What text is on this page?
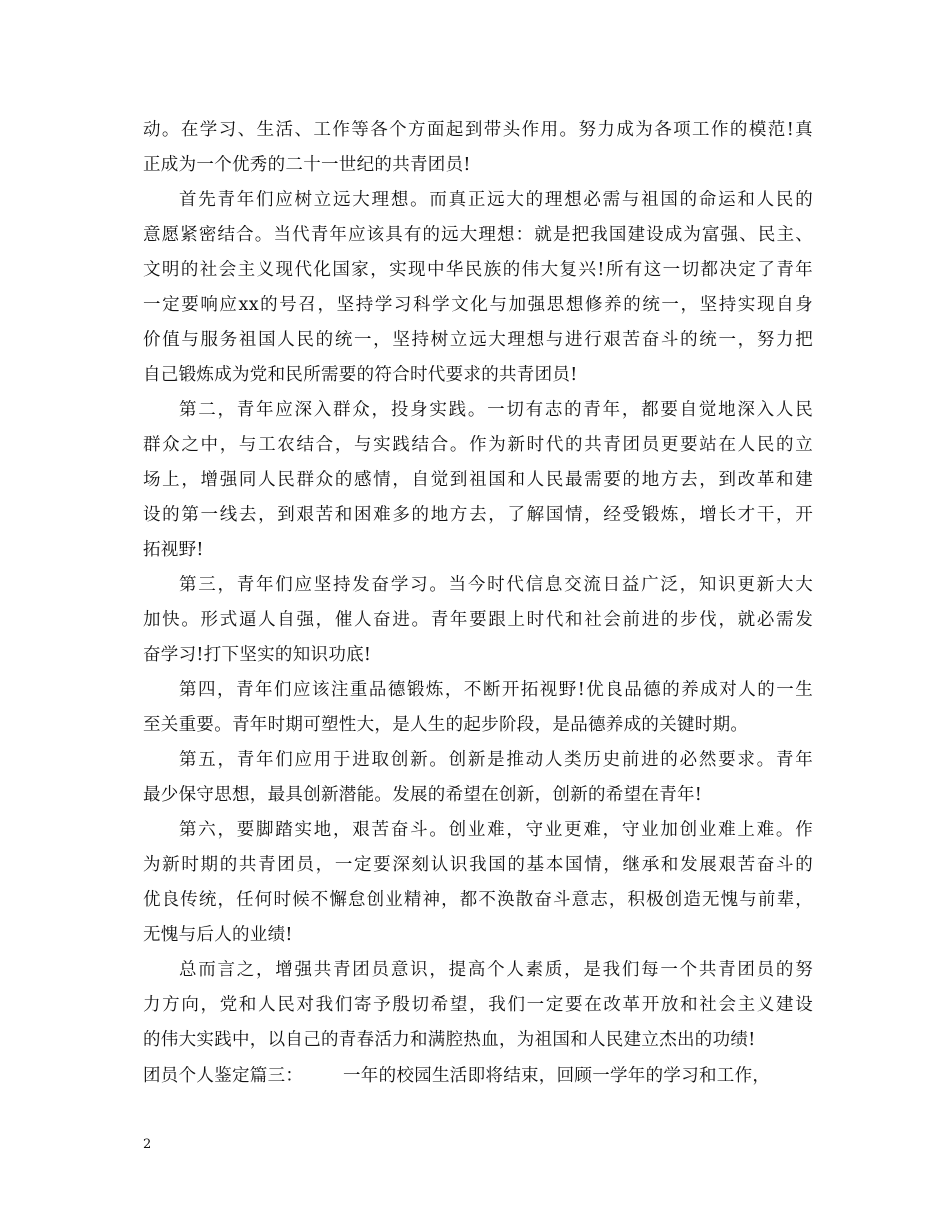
动。在学习、生活、工作等各个方面起到带头作用。努力成为各项工作的模范!真
正成为一个优秀的二十一世纪的共青团员!
首先青年们应树立远大理想。而真正远大的理想必需与祖国的命运和人民的
意愿紧密结合。当代青年应该具有的远大理想：就是把我国建设成为富强、民主、
文明的社会主义现代化国家，实现中华民族的伟大复兴!所有这一切都决定了青年
一定要响应xx的号召，坚持学习科学文化与加强思想修养的统一，坚持实现自身
价值与服务祖国人民的统一，坚持树立远大理想与进行艰苦奋斗的统一，努力把
自己锻炼成为党和民所需要的符合时代要求的共青团员!
第二，青年应深入群众，投身实践。一切有志的青年，都要自觉地深入人民
群众之中，与工农结合，与实践结合。作为新时代的共青团员更要站在人民的立
场上，增强同人民群众的感情，自觉到祖国和人民最需要的地方去，到改革和建
设的第一线去，到艰苦和困难多的地方去，了解国情，经受锻炼，增长才干，开
拓视野!
第三，青年们应坚持发奋学习。当今时代信息交流日益广泛，知识更新大大
加快。形式逼人自强，催人奋进。青年要跟上时代和社会前进的步伐，就必需发
奋学习!打下坚实的知识功底!
第四，青年们应该注重品德锻炼，不断开拓视野!优良品德的养成对人的一生
至关重要。青年时期可塑性大，是人生的起步阶段，是品德养成的关键时期。
第五，青年们应用于进取创新。创新是推动人类历史前进的必然要求。青年
最少保守思想，最具创新潜能。发展的希望在创新，创新的希望在青年!
第六，要脚踏实地，艰苦奋斗。创业难，守业更难，守业加创业难上难。作
为新时期的共青团员，一定要深刻认识我国的基本国情，继承和发展艰苦奋斗的
优良传统，任何时候不懈怠创业精神，都不涣散奋斗意志，积极创造无愧与前辈，
无愧与后人的业绩!
总而言之，增强共青团员意识，提高个人素质，是我们每一个共青团员的努
力方向，党和人民对我们寄予殷切希望，我们一定要在改革开放和社会主义建设
的伟大实践中，以自己的青春活力和满腔热血，为祖国和人民建立杰出的功绩!
团员个人鉴定篇三： 一年的校园生活即将结束，回顾一学年的学习和工作，
2
